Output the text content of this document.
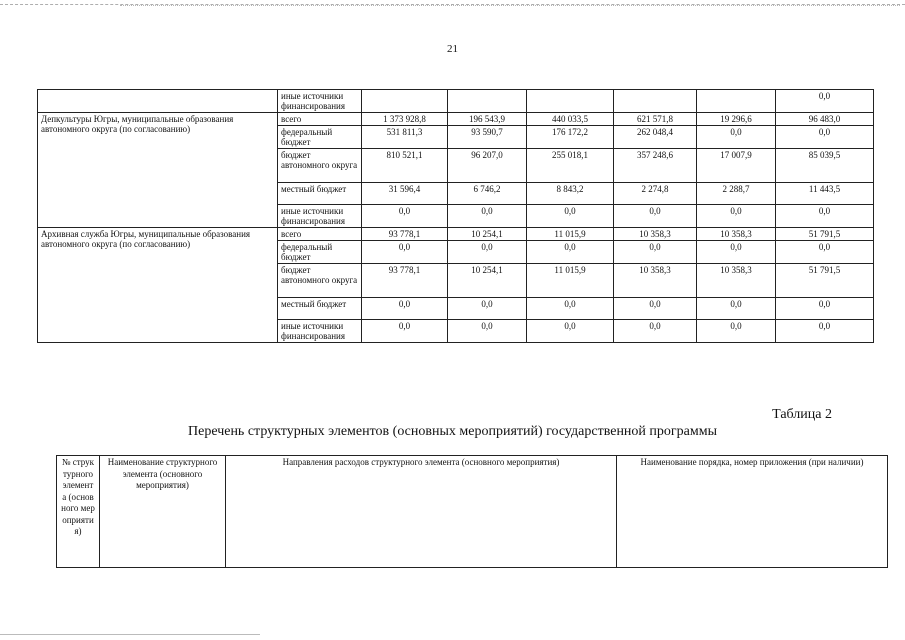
21
	иные источники финансирования						0,0
Депкультуры Югры, муниципальные образования автономного округа (по согласованию)	всего	1 373 928,8	196 543,9	440 033,5	621 571,8	19 296,6	96 483,0
	федеральный бюджет	531 811,3	93 590,7	176 172,2	262 048,4	0,0	0,0
	бюджет автономного округа	810 521,1	96 207,0	255 018,1	357 248,6	17 007,9	85 039,5
	местный бюджет	31 596,4	6 746,2	8 843,2	2 274,8	2 288,7	11 443,5
	иные источники финансирования	0,0	0,0	0,0	0,0	0,0	0,0
Архивная служба Югры, муниципальные образования автономного округа (по согласованию)	всего	93 778,1	10 254,1	11 015,9	10 358,3	10 358,3	51 791,5
	федеральный бюджет	0,0	0,0	0,0	0,0	0,0	0,0
	бюджет автономного округа	93 778,1	10 254,1	11 015,9	10 358,3	10 358,3	51 791,5
	местный бюджет	0,0	0,0	0,0	0,0	0,0	0,0
	иные источники финансирования	0,0	0,0	0,0	0,0	0,0	0,0
Таблица 2
Перечень структурных элементов (основных мероприятий) государственной программы
№ структурного элемента (основного мероприятия)	Наименование структурного элемента (основного мероприятия)	Направления расходов структурного элемента (основного мероприятия)	Наименование порядка, номер приложения (при наличии)
